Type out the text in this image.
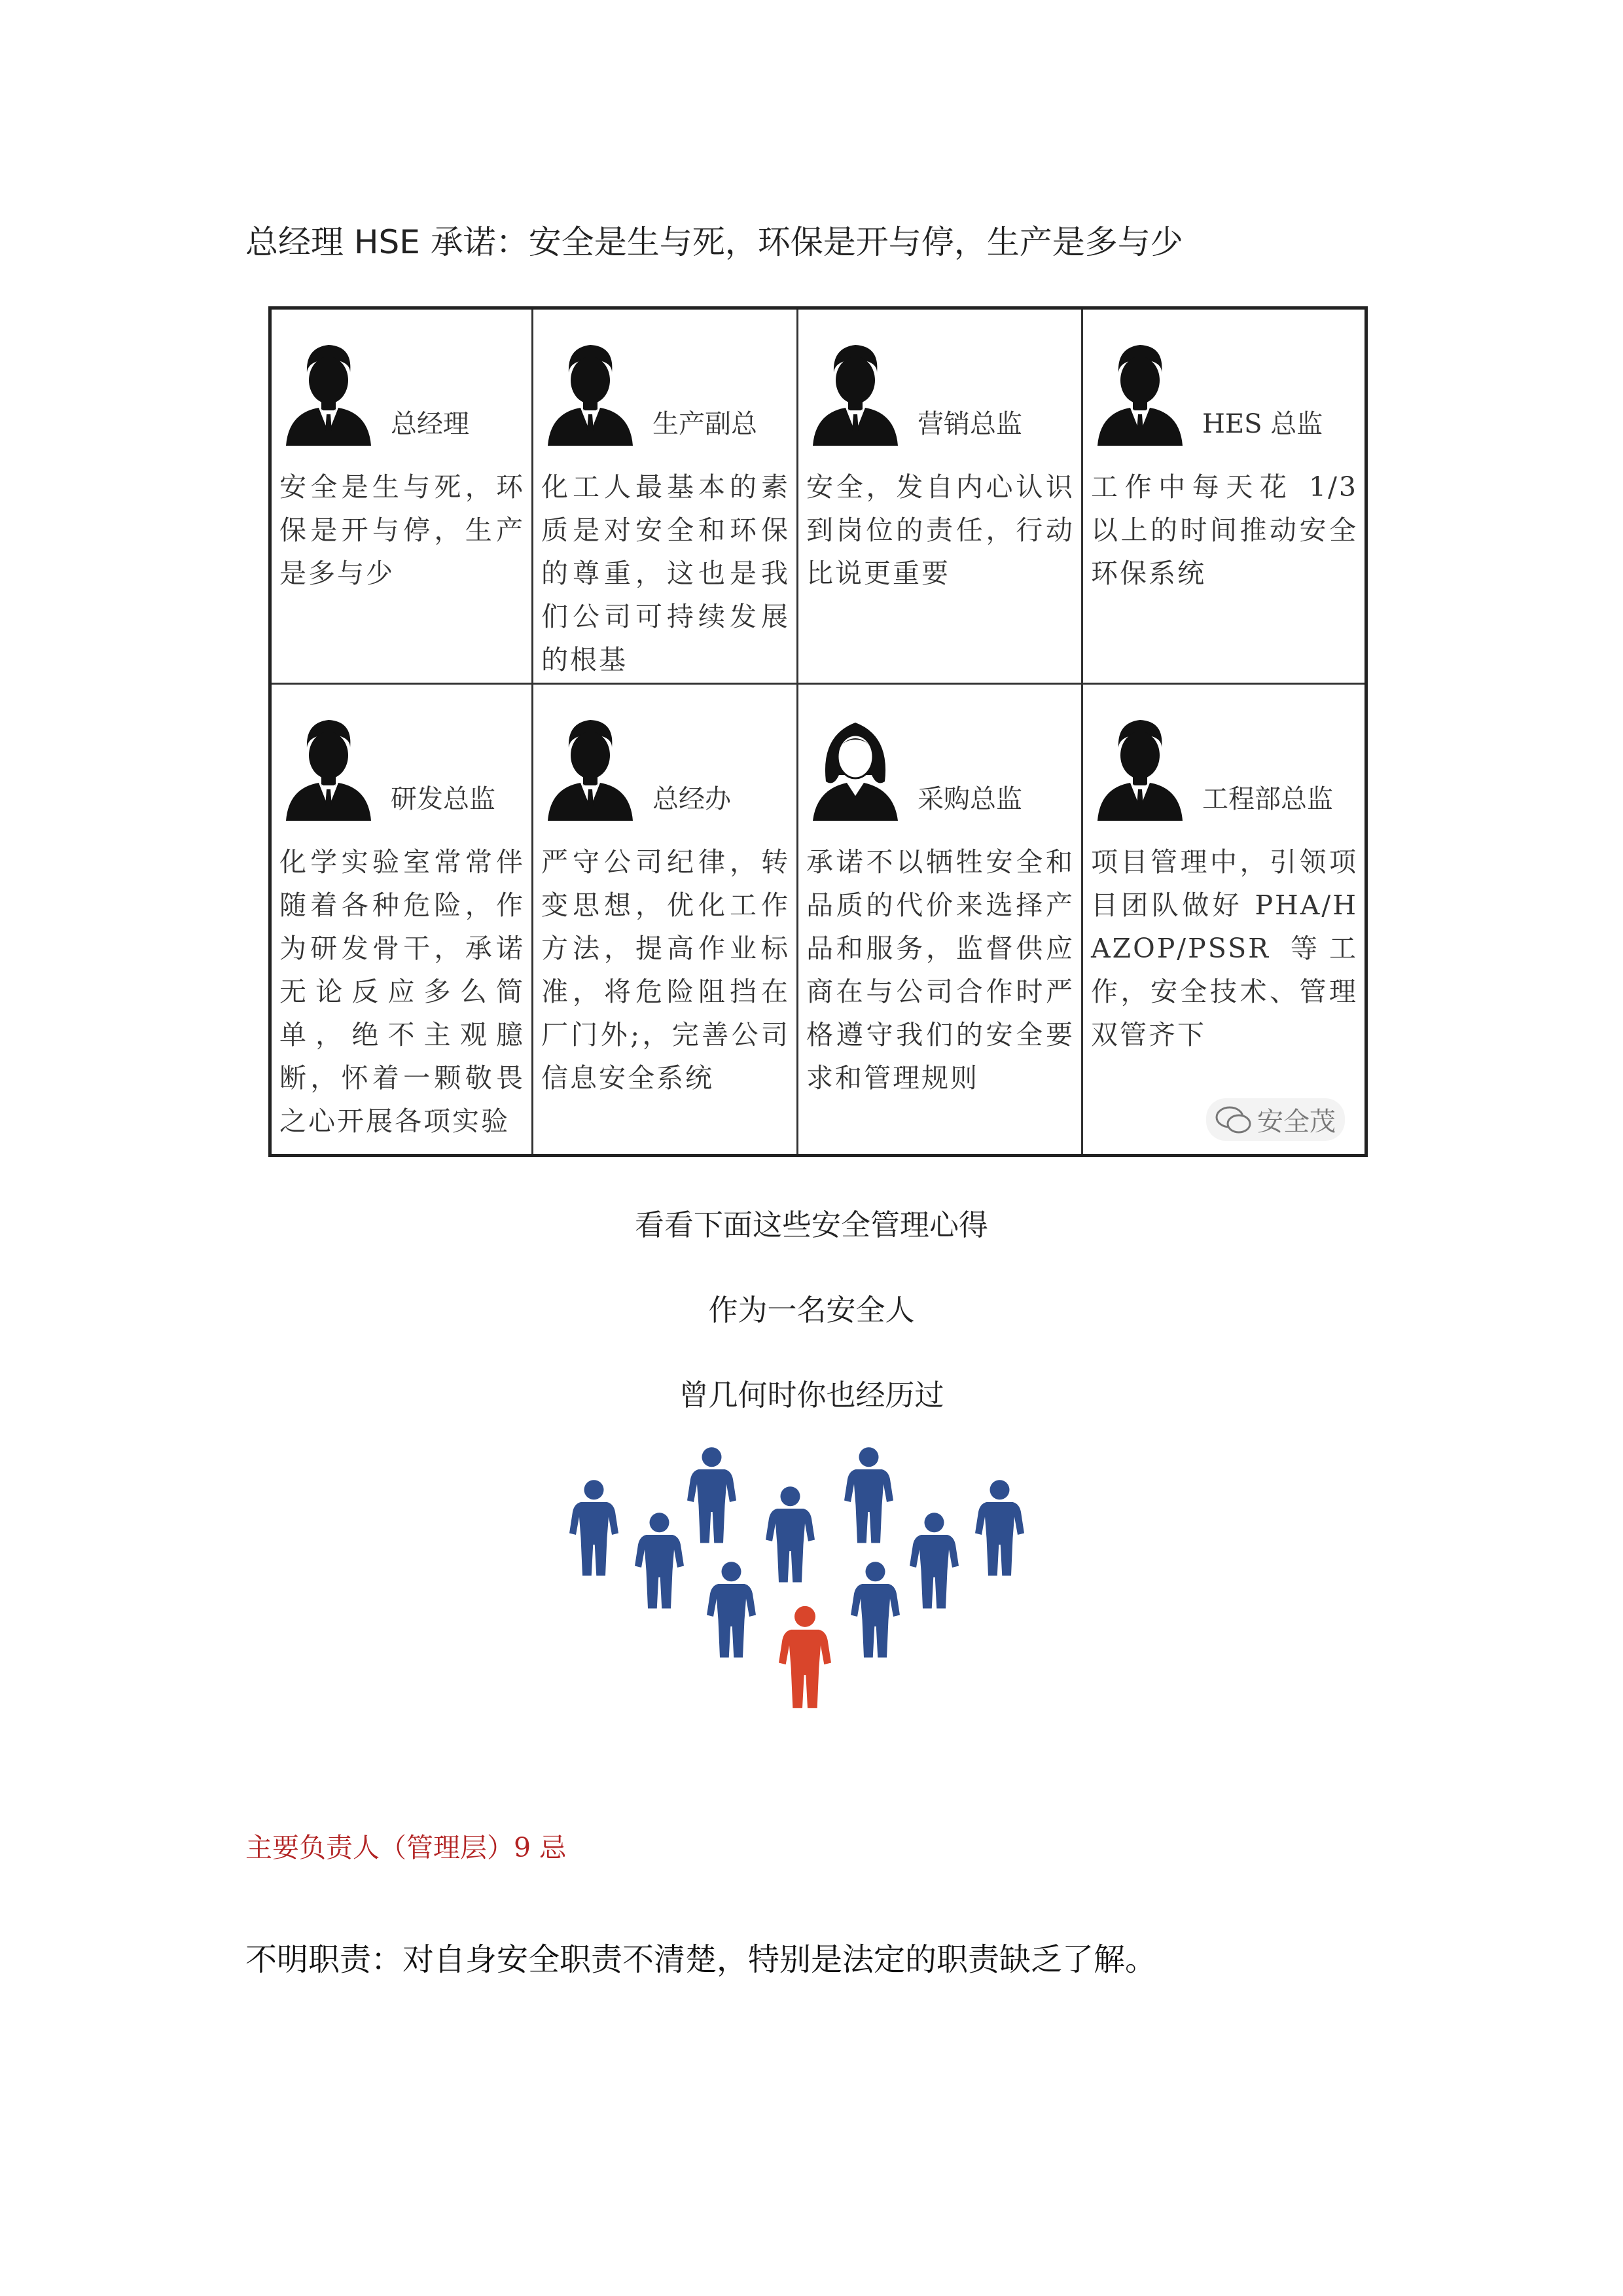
总经理 HSE 承诺：安全是生与死，环保是开与停，生产是多与少
总经理
安全是生与死，环保是开与停，生产是多与少
生产副总
化工人最基本的素质是对安全和环保的尊重，这也是我们公司可持续发展的根基
营销总监
安全，发自内心认识到岗位的责任，行动比说更重要
HES 总监
工作中每天花 1/3 以上的时间推动安全环保系统
研发总监
化学实验室常常伴随着各种危险，作为研发骨干，承诺无论反应多么简单，绝不主观臆断，怀着一颗敬畏之心开展各项实验
总经办
严守公司纪律，转变思想，优化工作方法，提高作业标准，将危险阻挡在厂门外;，完善公司信息安全系统
采购总监
承诺不以牺牲安全和品质的代价来选择产品和服务，监督供应商在与公司合作时严格遵守我们的安全要求和管理规则
工程部总监
项目管理中，引领项目团队做好 PHA/HAZOP/PSSR 等工作，安全技术、管理双管齐下
安全茂
看看下面这些安全管理心得
作为一名安全人
曾几何时你也经历过
主要负责人（管理层）9 忌
不明职责：对自身安全职责不清楚，特别是法定的职责缺乏了解。
